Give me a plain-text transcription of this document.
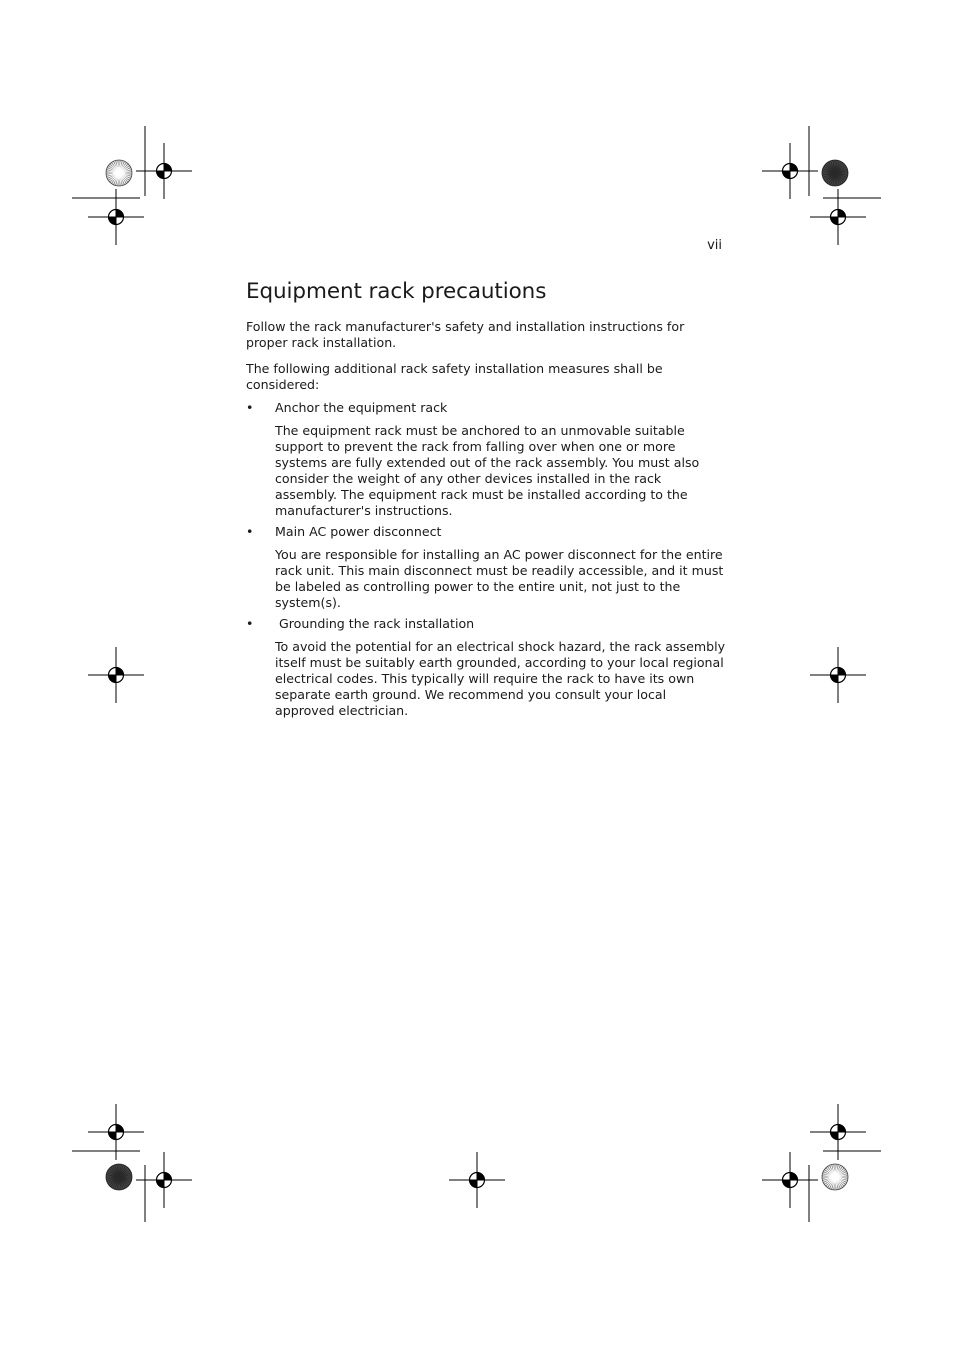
vii
Equipment rack precautions

Follow the rack manufacturer's safety and installation instructions for proper rack installation.

The following additional rack safety installation measures shall be considered:

• Anchor the equipment rack

The equipment rack must be anchored to an unmovable suitable support to prevent the rack from falling over when one or more systems are fully extended out of the rack assembly. You must also consider the weight of any other devices installed in the rack assembly. The equipment rack must be installed according to the manufacturer's instructions.

• Main AC power disconnect

You are responsible for installing an AC power disconnect for the entire rack unit. This main disconnect must be readily accessible, and it must be labeled as controlling power to the entire unit, not just to the system(s).

• Grounding the rack installation

To avoid the potential for an electrical shock hazard, the rack assembly itself must be suitably earth grounded, according to your local regional electrical codes. This typically will require the rack to have its own separate earth ground. We recommend you consult your local approved electrician.
